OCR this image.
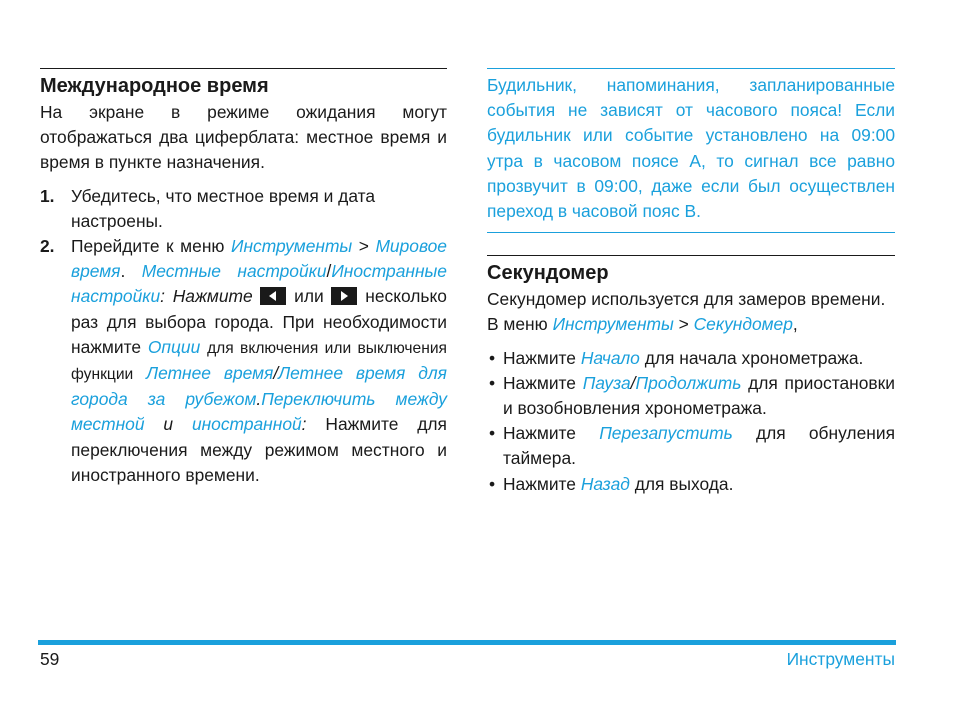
Международное время

На экране в режиме ожидания могут отображаться два циферблата: местное время и время в пункте назначения.

1. Убедитесь, что местное время и дата настроены.
2. Перейдите к меню Инструменты > Мировое время. Местные настройки/Иностранные настройки: Нажмите
или
несколько раз для выбора города. При необходимости нажмите Опции для включения или выключения функции Летнее время/Летнее время для города за рубежом.Переключить между местной и иностранной: Нажмите для переключения между режимом местного и иностранного времени.

Будильник, напоминания, запланированные события не зависят от часового пояса! Если будильник или событие установлено на 09:00 утра в часовом поясе А, то сигнал все равно прозвучит в 09:00, даже если был осуществлен переход в часовой пояс В.

Секундомер

Секундомер используется для замеров времени.

В меню Инструменты > Секундомер,

• Нажмите Начало для начала хронометража.
• Нажмите Пауза/Продолжить для приостановки и возобновления хронометража.
• Нажмите Перезапустить для обнуления таймера.
• Нажмите Назад для выхода.
59	Инструменты
